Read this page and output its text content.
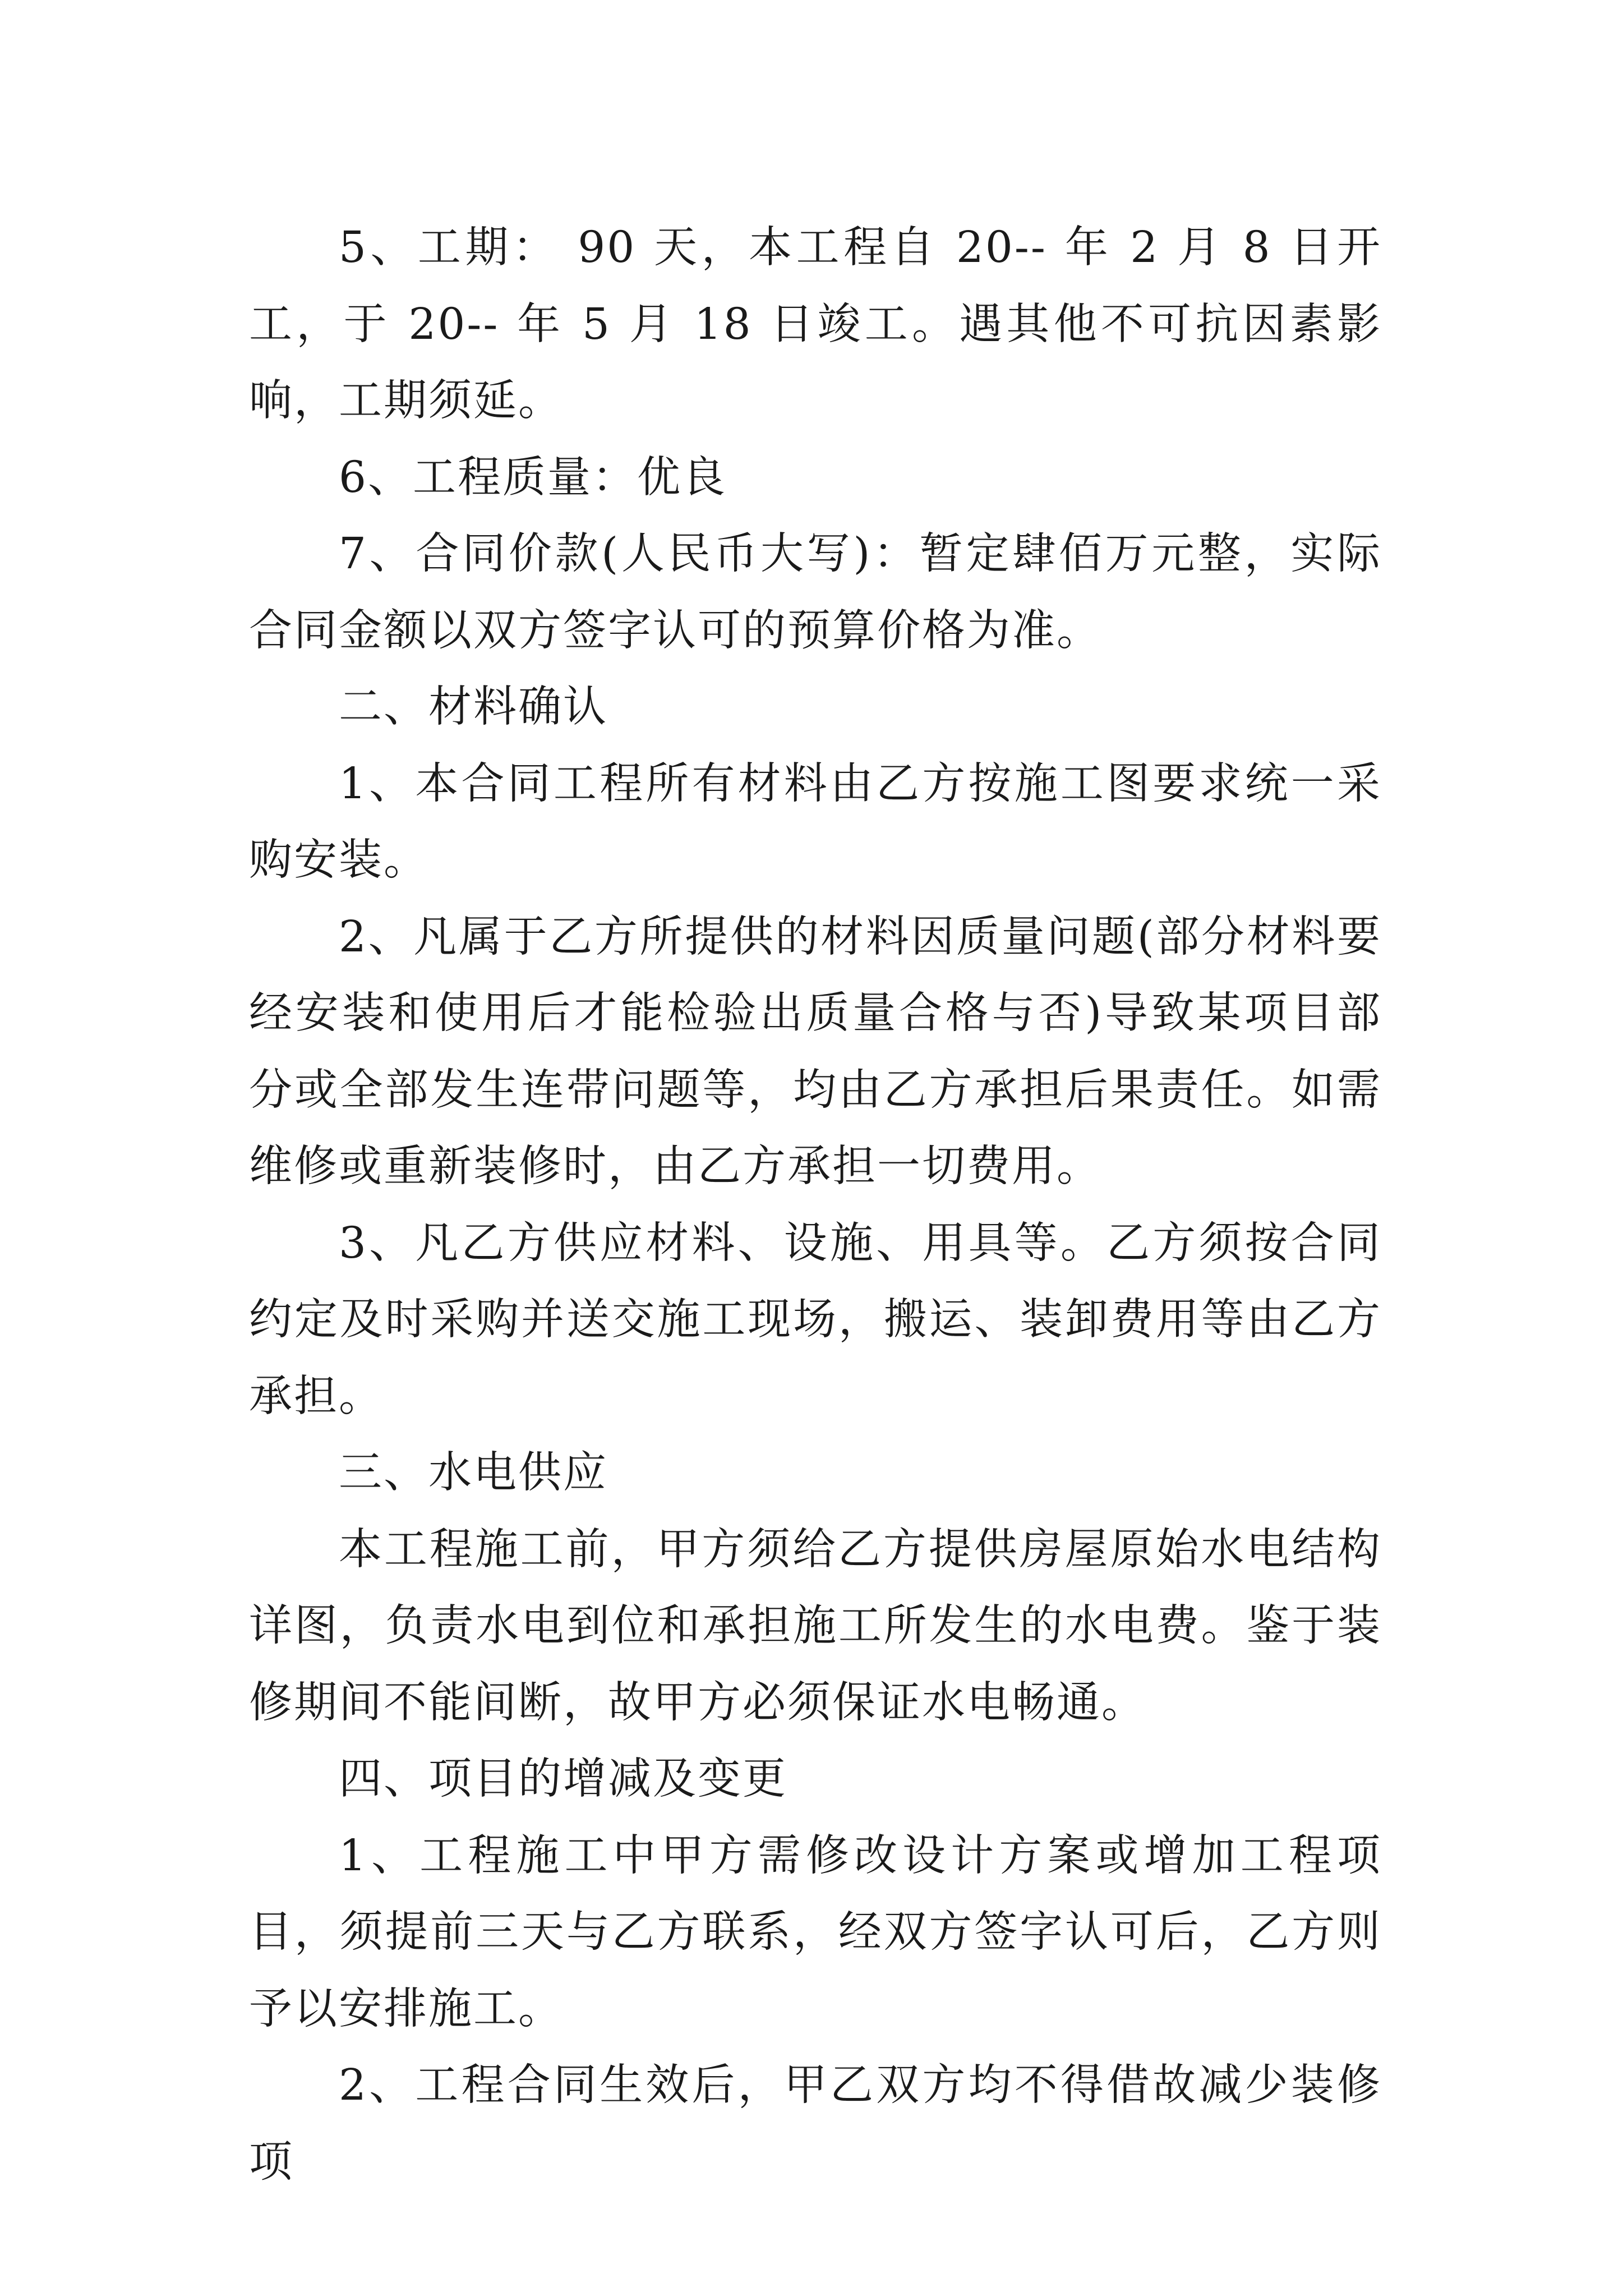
5、工期： 90 天，本工程自 20-- 年 2 月 8 日开工，于 20-- 年 5 月 18 日竣工。遇其他不可抗因素影响，工期须延。

6、工程质量：优良

7、合同价款(人民币大写)：暂定肆佰万元整，实际合同金额以双方签字认可的预算价格为准。

二、材料确认

1、本合同工程所有材料由乙方按施工图要求统一采购安装。

2、凡属于乙方所提供的材料因质量问题(部分材料要经安装和使用后才能检验出质量合格与否)导致某项目部分或全部发生连带问题等，均由乙方承担后果责任。如需维修或重新装修时，由乙方承担一切费用。

3、凡乙方供应材料、设施、用具等。乙方须按合同约定及时采购并送交施工现场，搬运、装卸费用等由乙方承担。

三、水电供应

本工程施工前，甲方须给乙方提供房屋原始水电结构详图，负责水电到位和承担施工所发生的水电费。鉴于装修期间不能间断，故甲方必须保证水电畅通。

四、项目的增减及变更

1、工程施工中甲方需修改设计方案或增加工程项目，须提前三天与乙方联系，经双方签字认可后，乙方则予以安排施工。

2、工程合同生效后，甲乙双方均不得借故减少装修项
